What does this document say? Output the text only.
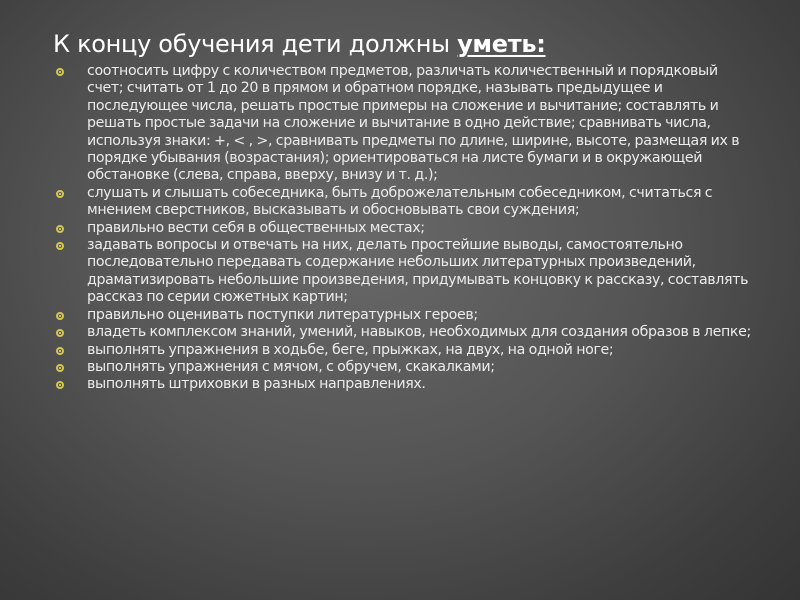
К концу обучения дети должны уметь:
соотносить цифру с количеством предметов, различать количественный и порядковый счет; считать от 1 до 20 в прямом и обратном порядке, называть предыдущее и последующее числа, решать простые примеры на сложение и вычитание; составлять и решать простые задачи на сложение и вычитание в одно действие; сравнивать числа, используя знаки: +, < , >, сравнивать предметы по длине, ширине, высоте, размещая их в порядке убывания (возрастания); ориентироваться на листе бумаги и в окружающей обстановке (слева, справа, вверху, внизу и т. д.);
слушать и слышать собеседника, быть доброжелательным собеседником, считаться с мнением сверстников, высказывать и обосновывать свои суждения;
правильно вести себя в общественных местах;
задавать вопросы и отвечать на них, делать простейшие выводы, самостоятельно последовательно передавать содержание небольших литературных произведений, драматизировать небольшие произведения, придумывать концовку к рассказу, составлять рассказ по серии сюжетных картин;
правильно оценивать поступки литературных героев;
владеть комплексом знаний, умений, навыков, необходимых для создания образов в лепке;
выполнять упражнения в ходьбе, беге, прыжках, на двух, на одной ноге;
выполнять упражнения с мячом, с обручем, скакалками;
выполнять штриховки в разных направлениях.
